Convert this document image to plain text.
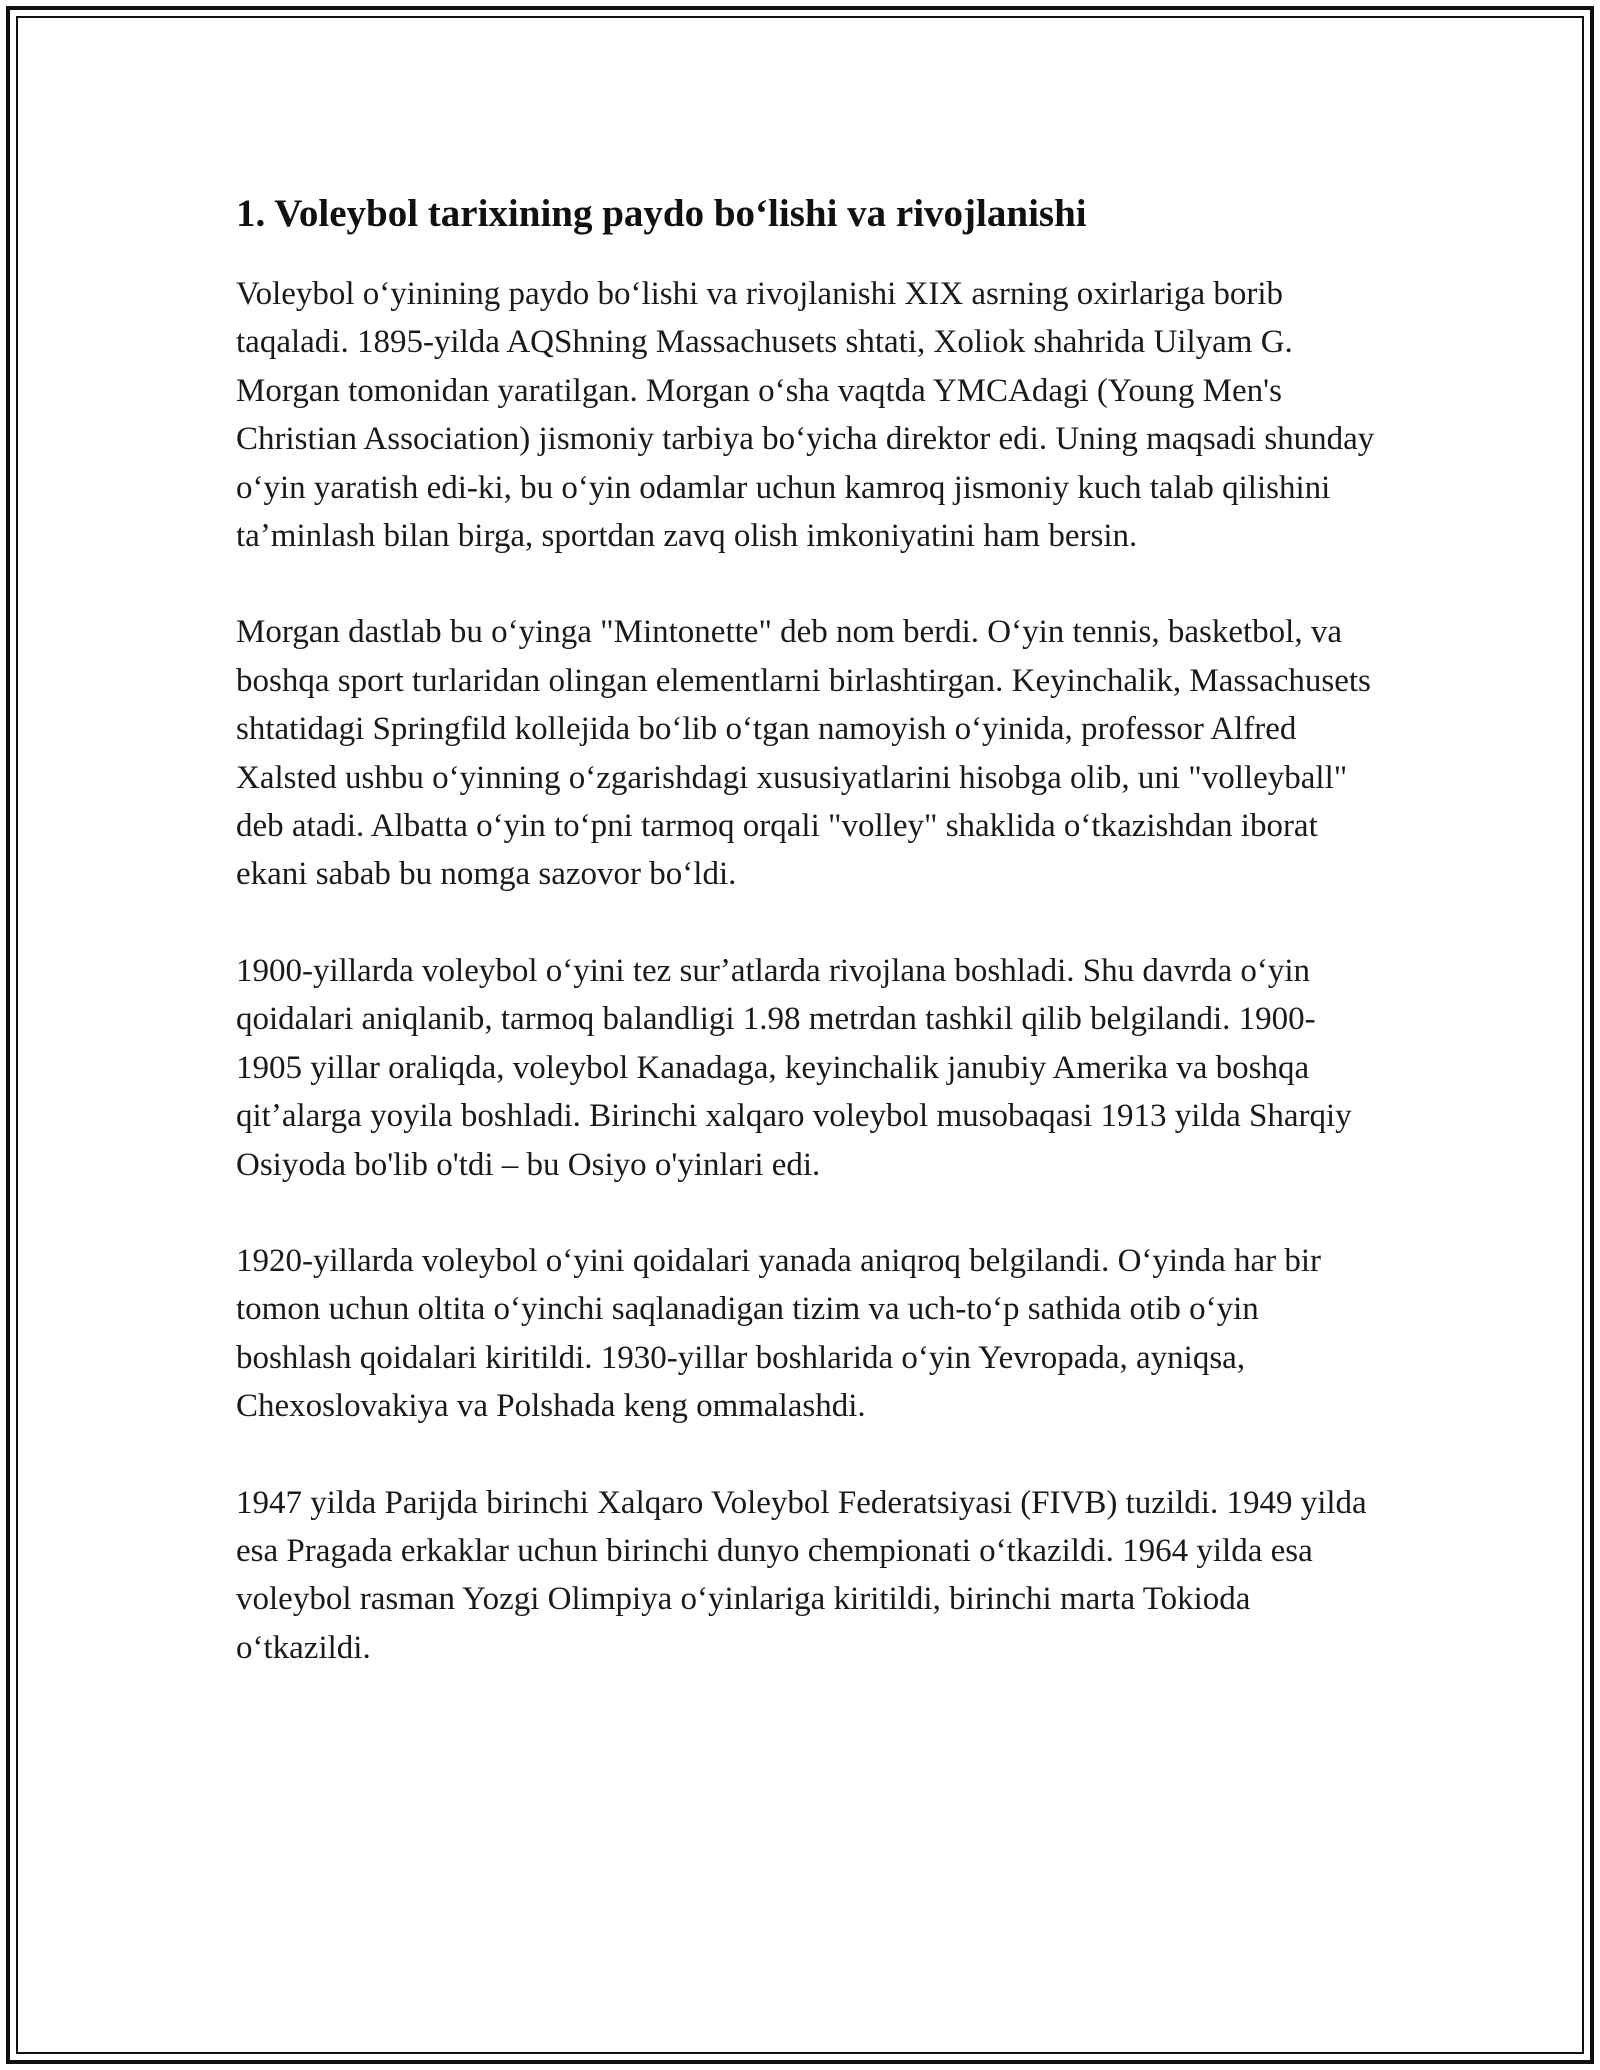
1. Voleybol tarixining paydo boʻlishi va rivojlanishi

Voleybol oʻyinining paydo boʻlishi va rivojlanishi XIX asrning oxirlariga borib taqaladi. 1895-yilda AQShning Massachusets shtati, Xoliok shahrida Uilyam G. Morgan tomonidan yaratilgan. Morgan oʻsha vaqtda YMCAdagi (Young Men's Christian Association) jismoniy tarbiya boʻyicha direktor edi. Uning maqsadi shunday oʻyin yaratish edi-ki, bu oʻyin odamlar uchun kamroq jismoniy kuch talab qilishini taʼminlash bilan birga, sportdan zavq olish imkoniyatini ham bersin.

Morgan dastlab bu oʻyinga "Mintonette" deb nom berdi. Oʻyin tennis, basketbol, va boshqa sport turlaridan olingan elementlarni birlashtirgan. Keyinchalik, Massachusets shtatidagi Springfild kollejida boʻlib oʻtgan namoyish oʻyinida, professor Alfred Xalsted ushbu oʻyinning oʻzgarishdagi xususiyatlarini hisobga olib, uni "volleyball" deb atadi. Albatta oʻyin toʻpni tarmoq orqali "volley" shaklida oʻtkazishdan iborat ekani sabab bu nomga sazovor boʻldi.

1900-yillarda voleybol oʻyini tez surʼatlarda rivojlana boshladi. Shu davrda oʻyin qoidalari aniqlanib, tarmoq balandligi 1.98 metrdan tashkil qilib belgilandi. 1900-1905 yillar oraliqda, voleybol Kanadaga, keyinchalik janubiy Amerika va boshqa qitʼalarga yoyila boshladi. Birinchi xalqaro voleybol musobaqasi 1913 yilda Sharqiy Osiyoda bo'lib o'tdi – bu Osiyo o'yinlari edi.

1920-yillarda voleybol oʻyini qoidalari yanada aniqroq belgilandi. Oʻyinda har bir tomon uchun oltita oʻyinchi saqlanadigan tizim va uch-toʻp sathida otib oʻyin boshlash qoidalari kiritildi. 1930-yillar boshlarida oʻyin Yevropada, ayniqsa, Chexoslovakiya va Polshada keng ommalashdi.

1947 yilda Parijda birinchi Xalqaro Voleybol Federatsiyasi (FIVB) tuzildi. 1949 yilda esa Pragada erkaklar uchun birinchi dunyo chempionati oʻtkazildi. 1964 yilda esa voleybol rasman Yozgi Olimpiya oʻyinlariga kiritildi, birinchi marta Tokioda oʻtkazildi.
